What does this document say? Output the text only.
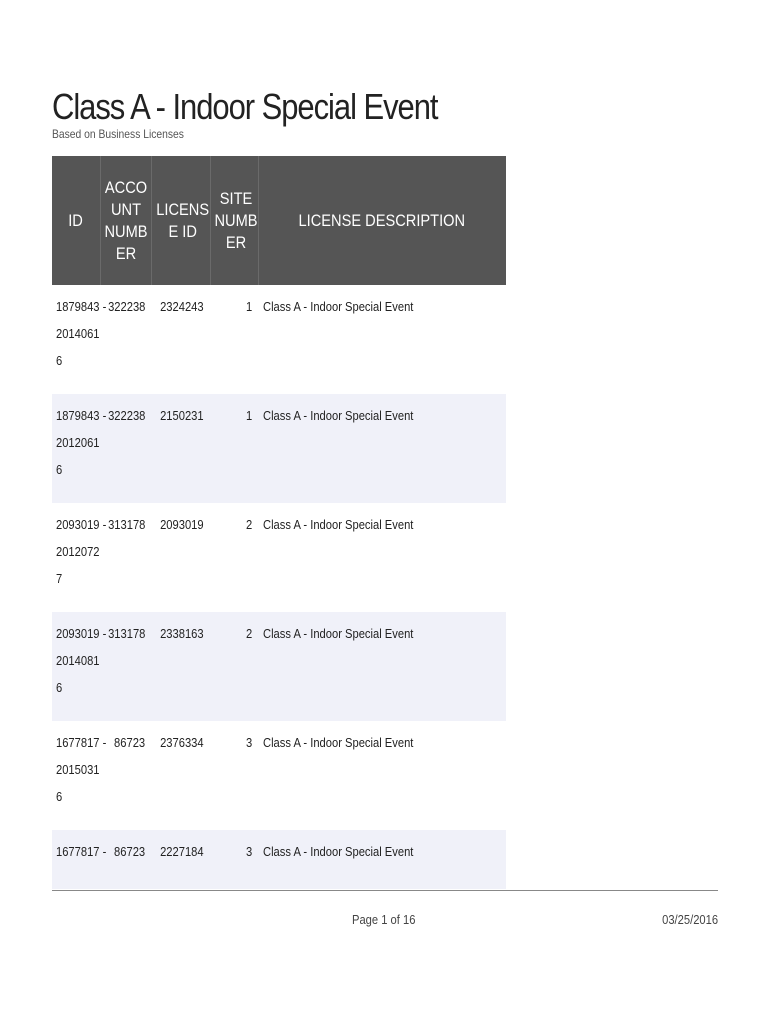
Class A - Indoor Special Event
Based on Business Licenses
ID	ACCO
UNT
NUMB
ER	LICENS
E ID	SITE
NUMB
ER	LICENSE DESCRIPTION
1879843 - 2014061 6	322238	2324243	1	Class A - Indoor Special Event
1879843 - 2012061 6	322238	2150231	1	Class A - Indoor Special Event
2093019 - 2012072 7	313178	2093019	2	Class A - Indoor Special Event
2093019 - 2014081 6	313178	2338163	2	Class A - Indoor Special Event
1677817 - 2015031 6	86723	2376334	3	Class A - Indoor Special Event
1677817 -	86723	2227184	3	Class A - Indoor Special Event
Page 1 of 16	03/25/2016
